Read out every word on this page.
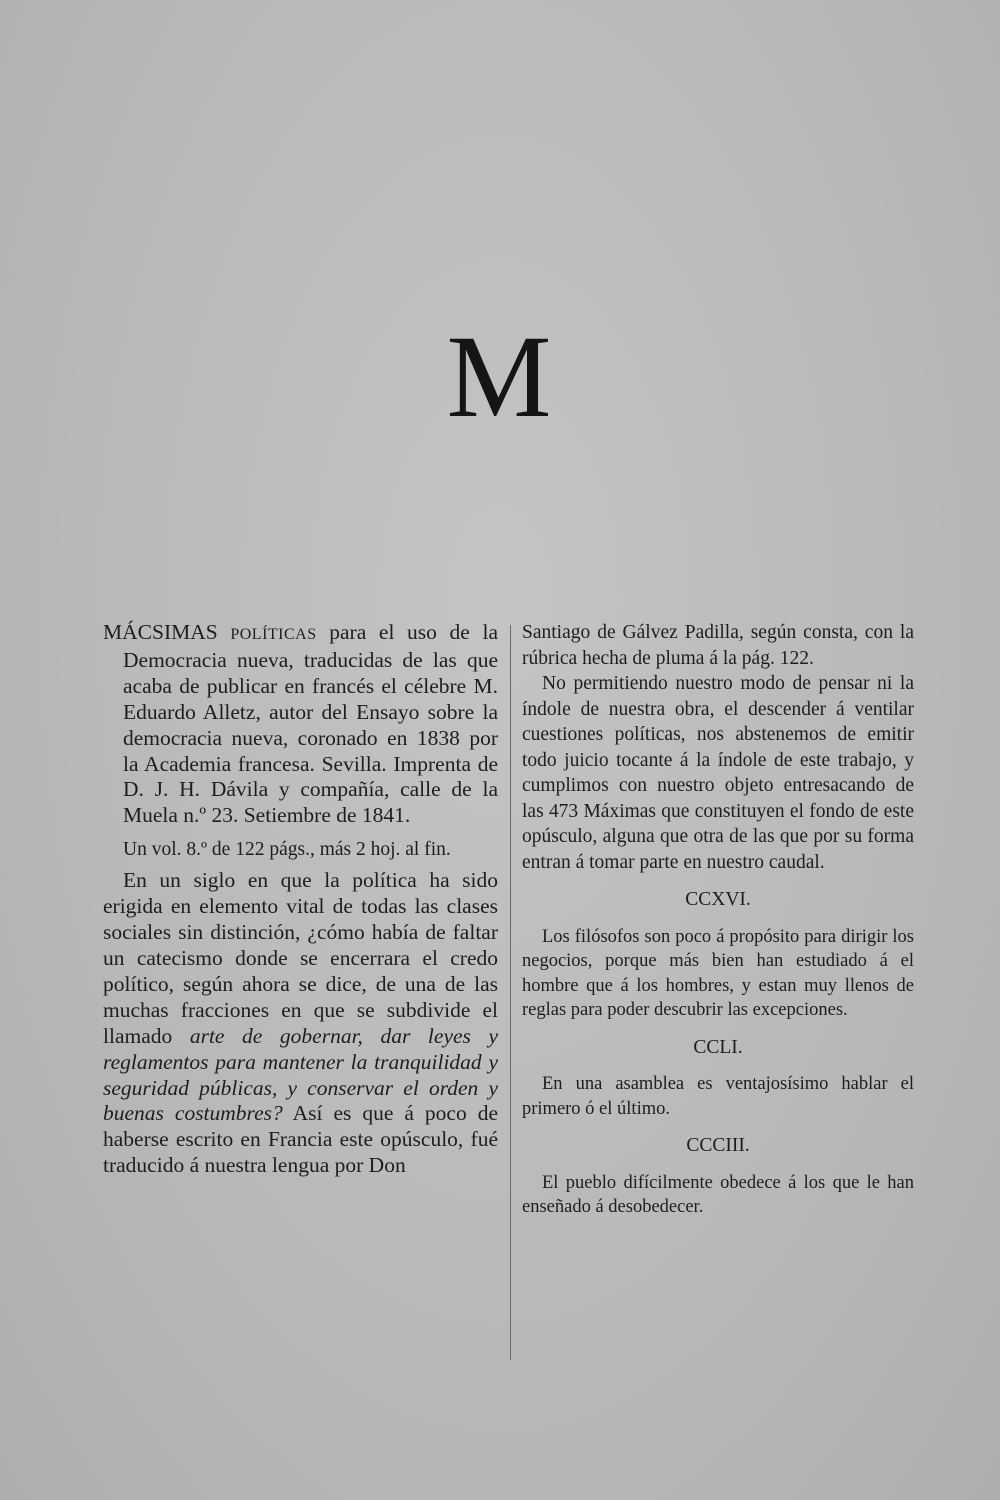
M

MÁCSIMAS POLÍTICAS para el uso de la Democracia nueva, traducidas de las que acaba de publicar en francés el célebre M. Eduardo Alletz, autor del Ensayo sobre la democracia nueva, coronado en 1838 por la Academia francesa. Sevilla. Imprenta de D. J. H. Dávila y compañía, calle de la Muela n.º 23. Setiembre de 1841.

Un vol. 8.º de 122 págs., más 2 hoj. al fin.

En un siglo en que la política ha sido erigida en elemento vital de todas las clases sociales sin distinción, ¿cómo había de faltar un catecismo donde se encerrara el credo político, según ahora se dice, de una de las muchas fracciones en que se subdivide el llamado arte de gobernar, dar leyes y reglamentos para mantener la tranquilidad y seguridad públicas, y conservar el orden y buenas costumbres? Así es que á poco de haberse escrito en Francia este opúsculo, fué traducido á nuestra lengua por Don

Santiago de Gálvez Padilla, según consta, con la rúbrica hecha de pluma á la pág. 122.

No permitiendo nuestro modo de pensar ni la índole de nuestra obra, el descender á ventilar cuestiones políticas, nos abstenemos de emitir todo juicio tocante á la índole de este trabajo, y cumplimos con nuestro objeto entresacando de las 473 Máximas que constituyen el fondo de este opúsculo, alguna que otra de las que por su forma entran á tomar parte en nuestro caudal.

CCXVI.

Los filósofos son poco á propósito para dirigir los negocios, porque más bien han estudiado á el hombre que á los hombres, y estan muy llenos de reglas para poder descubrir las excepciones.

CCLI.

En una asamblea es ventajosísimo hablar el primero ó el último.

CCCIII.

El pueblo difícilmente obedece á los que le han enseñado á desobedecer.
